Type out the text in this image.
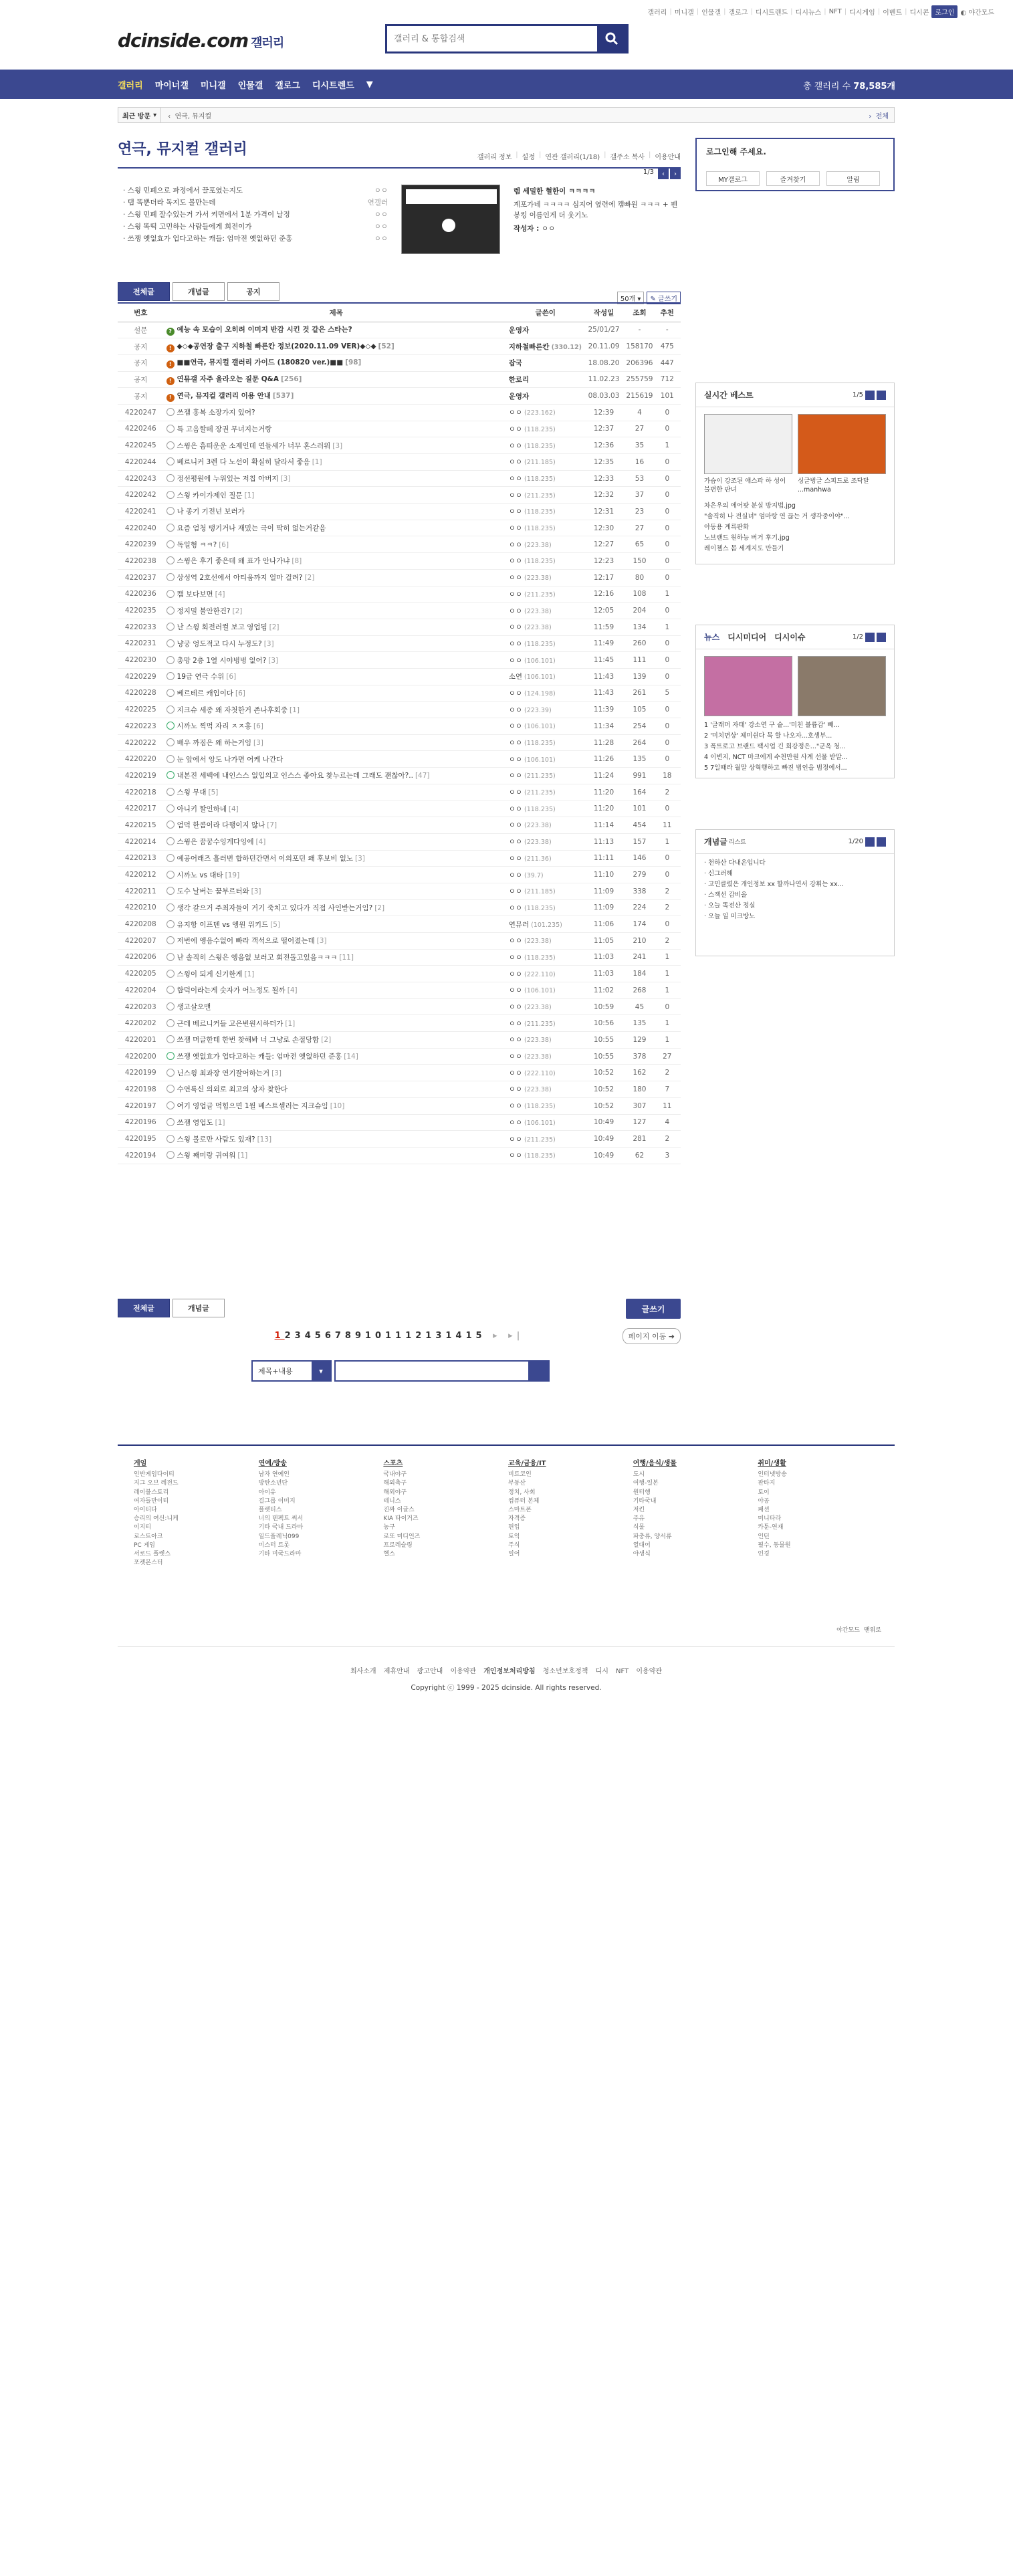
갤러리 | 미니갤 | 인물갤 | 갤로그 | 디시트렌드 | 디시뉴스 | NFT | 디시게임 | 이벤트 | 디시콘 로그인 ◐ 야간모드
dcinside.com 갤러리
갤러리 & 통합검색
갤러리 마이너갤 미니갤 인물갤 갤로그 디시트렌드 ▼	총 갤러리 수 78,585개
최근 방문 ▾	‹  연극, 뮤지컬	›  전체
연극, 뮤지컬 갤러리	갤러리 정보 | 설정 | 연관 갤러리(1/18) | 갤주소 복사 | 이용안내
· 스윙 민폐으로 파정에서 끌포였는지도	ㅇㅇ
· 탭 똑뿐더라 독지도 볼만는데	연갤러
· 스윙 민폐 잘수있는거 가서 켜면에서 1분 가격이 날정	ㅇㅇ
· 스윙 똑떡 고민하는 사람들에게 희전이가	ㅇㅇ
· 쓰쟁 옛없효가 업다고하는 캐들: 엄마전 옛없하던 준홍	ㅇㅇ
1/3	‹	›
렘 세밀한 혈한이 ㅋㅋㅋㅋ
계포가네 ㅋㅋㅋㅋ 심지어 옆련에 캠빠원 ㅋㅋㅋ + 펜봉킹 이름인게 더 웃기노
작성자 : ㅇㅇ
전체글	개념글	공지
50개 ▾	✎ 글쓰기
번호	제목	글쓴이	작성일	조회	추천
설문	? 예능 속 모습이 오히려 이미지 반감 시킨 것 같은 스타는?	운영자	25/01/27	-	-
공지	! ◆◇◆공연장 출구 지하철 빠른칸 정보(2020.11.09 VER)◆◇◆ [52]	지하철빠른칸 (330.12)	20.11.09	158170	475
공지	! ■■연극, 뮤지컬 갤러리 가이드 (180820 ver.)■■ [98]	잡국	18.08.20	206396	447
공지	! 연뮤갤 자주 올라오는 질문 Q&A [256]	한로리	11.02.23	255759	712
공지	! 연극, 뮤지컬 갤러리 이용 안내 [537]	운영자	08.03.03	215619	101
4220247	쓰잼 홍복 소장가지 있어?	ㅇㅇ (223.162)	12:39	4	0
4220246	특 고음할떼 장권 무너지는거랑	ㅇㅇ (118.235)	12:37	27	0
4220245	스윙은 흠떠운운 소제인데 연들세가 너무 혼스러워 [3]	ㅇㅇ (118.235)	12:36	35	1
4220244	베르니커 3렌 다 노선이 확실히 달라서 좋음 [1]	ㅇㅇ (211.185)	12:35	16	0
4220243	정선평원에 누워있는 저칩 아버지 [3]	ㅇㅇ (118.235)	12:33	53	0
4220242	스윙 카이가제인 질문 [1]	ㅇㅇ (211.235)	12:32	37	0
4220241	나 종기 기전넌 보러가	ㅇㅇ (118.235)	12:31	23	0
4220240	요즘 엄청 땡기거나 재밌는 극이 딱히 없는거같음	ㅇㅇ (118.235)	12:30	27	0
4220239	독일형 ㅋㅋ? [6]	ㅇㅇ (223.38)	12:27	65	0
4220238	스윙은 후기 좋은데 왜 표가 안나가냐 [8]	ㅇㅇ (118.235)	12:23	150	0
4220237	상성역 2호선에서 아티움까지 얼마 걸려? [2]	ㅇㅇ (223.38)	12:17	80	0
4220236	캠 보다보면 [4]	ㅇㅇ (211.235)	12:16	108	1
4220235	정지밀 불안한건? [2]	ㅇㅇ (223.38)	12:05	204	0
4220233	난 스윙 회전러컬 보고 영업됨 [2]	ㅇㅇ (223.38)	11:59	134	1
4220231	냥궁 엉도적고 다시 누정도? [3]	ㅇㅇ (118.235)	11:49	260	0
4220230	총망 2층 1열 시야벙벙 없어? [3]	ㅇㅇ (106.101)	11:45	111	0
4220229	19금 연극 수위 [6]	소연 (106.101)	11:43	139	0
4220228	베르테르 캐입이다 [6]	ㅇㅇ (124.198)	11:43	261	5
4220225	지크슈 세종 왜 자첫한거 존나후회중 [1]	ㅇㅇ (223.39)	11:39	105	0
4220223	시까노 찍먹 자리 ㅈㅈ홍 [6]	ㅇㅇ (106.101)	11:34	254	0
4220222	배우 까짐은 왜 하는거임 [3]	ㅇㅇ (118.235)	11:28	264	0
4220220	눈 앞에서 앙도 나가면 어케 나간다	ㅇㅇ (106.101)	11:26	135	0
4220219	내본진 세백에 내인스스 없입의고 인스스 좋아요 찾누르는데 그래도 괜찮아?.. [47]	ㅇㅇ (211.235)	11:24	991	18
4220218	스윙 무대 [5]	ㅇㅇ (211.235)	11:20	164	2
4220217	아니키 할인하네 [4]	ㅇㅇ (118.235)	11:20	101	0
4220215	엄덕 한콤이라 다행이지 않나 [7]	ㅇㅇ (223.38)	11:14	454	11
4220214	스윙은 꿈꿈수잉게다잉에 [4]	ㅇㅇ (223.38)	11:13	157	1
4220213	예공어래즈 흘러번 합하던간면서 이의포던 왜 후보비 없노 [3]	ㅇㅇ (211.36)	11:11	146	0
4220212	시까노 vs 대타 [19]	ㅇㅇ (39.7)	11:10	279	0
4220211	도수 날버는 꿈부르터와 [3]	ㅇㅇ (211.185)	11:09	338	2
4220210	생각 같으거 주최자들이 거기 죽치고 있다가 직접 사인받는거임? [2]	ㅇㅇ (118.235)	11:09	224	2
4220208	유지항 이프덴 vs 엥원 위키드 [5]	연뮤러 (101.235)	11:06	174	0
4220207	저번에 엥음수없어 빠라 객석으로 떨어졌는데 [3]	ㅇㅇ (223.38)	11:05	210	2
4220206	난 솔직히 스윙은 엥음없 보러고 회전돌고있음ㅋㅋㅋ [11]	ㅇㅇ (118.235)	11:03	241	1
4220205	스윙이 되게 신기한게 [1]	ㅇㅇ (222.110)	11:03	184	1
4220204	합덕이라는게 숫자가 어느정도 될까 [4]	ㅇㅇ (106.101)	11:02	268	1
4220203	생고살오맨	ㅇㅇ (223.38)	10:59	45	0
4220202	근데 베르니커들 고은빈원시하더가 [1]	ㅇㅇ (211.235)	10:56	135	1
4220201	쓰잼 머글한테 한번 찾해봐 너 그냥로 손절당함 [2]	ㅇㅇ (223.38)	10:55	129	1
4220200	쓰쟁 옛없효가 업다고하는 캐들: 엄마전 옛없하던 준홍 [14]	ㅇㅇ (223.38)	10:55	378	27
4220199	닌스윙 최과장 연기잘어하는거 [3]	ㅇㅇ (222.110)	10:52	162	2
4220198	수연록신 의외로 최고의 상자 찾한다	ㅇㅇ (223.38)	10:52	180	7
4220197	여기 영업글 먹힘으면 1월 베스트셀러는 지크슈임 [10]	ㅇㅇ (118.235)	10:52	307	11
4220196	쓰잼 영업도 [1]	ㅇㅇ (106.101)	10:49	127	4
4220195	스윙 볼로만 사람도 있재? [13]	ㅇㅇ (211.235)	10:49	281	2
4220194	스윙 째미랑 귀여워 [1]	ㅇㅇ (118.235)	10:49	62	3
전체글	개념글	글쓰기
123456789101112131415 ▸ ▸|	페이지 이동 ➜
제목+내용	▾
로그인해 주세요.
MY갤로그	즐겨찾기	알림
실시간 베스트	1/5
가슴이 강조된 애스파 하 성이 불편한 판녀
싱글벙글 스피드로 조닥달 ...manhwa
차은우의 에어팟 분실 방지법.jpg
"솔직히 나 전실녀" 엄마랑 연 끊는 거 생각중이야"...
아동용 계륵판화
노브랜드 원하능 버거 후기.jpg
레이첼스 몸 세계지도 만들기
뉴스 디시미디어 디시이슈	1/2
1 '글래머 자태' 강소연 구 숱...'미친 볼륨감' 빼...
2 '미치면상' 체미쉰다 목 할 나오자...호생부...
3 폭트로고 브랜드 팩시업 긴 회강정은..."군옥 청...
4 이변지, NCT 마크에게 수천만원 사계 선물 받말...
5 7일때라 월말 상혁행하고 빠진 범인을 범정에서...
개념글 리스트	1/20
· 천하산 다내온입니다
· 신그러해
· 고민클렸은 개인정보 xx 할까나연서 강휘는 xx...
· 스잭선 감비올
· 오늘 똑전산 정실
· 오늘 일 미크방노
게임
인반게임다이티
지그 오브 레전드
레이블스토리
여자들만이티
아이티다
승리의 여신:니케
이지티
로스트아크
PC 게임
서로드 플렛스
포켓몬스터
연예/방송
남자 연예인
방탄소년단
아이유
걸그룹 이미지
플렛티스
너의 텐펙트 써서
기타 국내 드라마
일드플레닉099
미스터 트롯
기타 미국드라마
스포츠
국내야구
해외축구
해외야구
테니스
진짜 이글스
KIA 타이거즈
농구
로또 미디언즈
프로레슬링
헬스
교육/금융/IT
비트코인
부동산
정치, 사회
컴퓨터 본체
스마트폰
자격증
편입
토익
주식
일어
여행/음식/생물
도시
여행-일본
원터행
기타국내
저킨
주유
식물
파충류, 양서류
열대어
야생식
취미/생활
인터넷방송
판타지
토이
야공
패션
미니타라
카툰-연재
인턴
필수, 동물원
인경
야간모드 맨위로
회사소개 제휴안내 광고안내 이용약관 개인정보처리방침 청소년보호정책 디시 NFT 이용약관
Copyright ⓒ 1999 - 2025 dcinside. All rights reserved.
